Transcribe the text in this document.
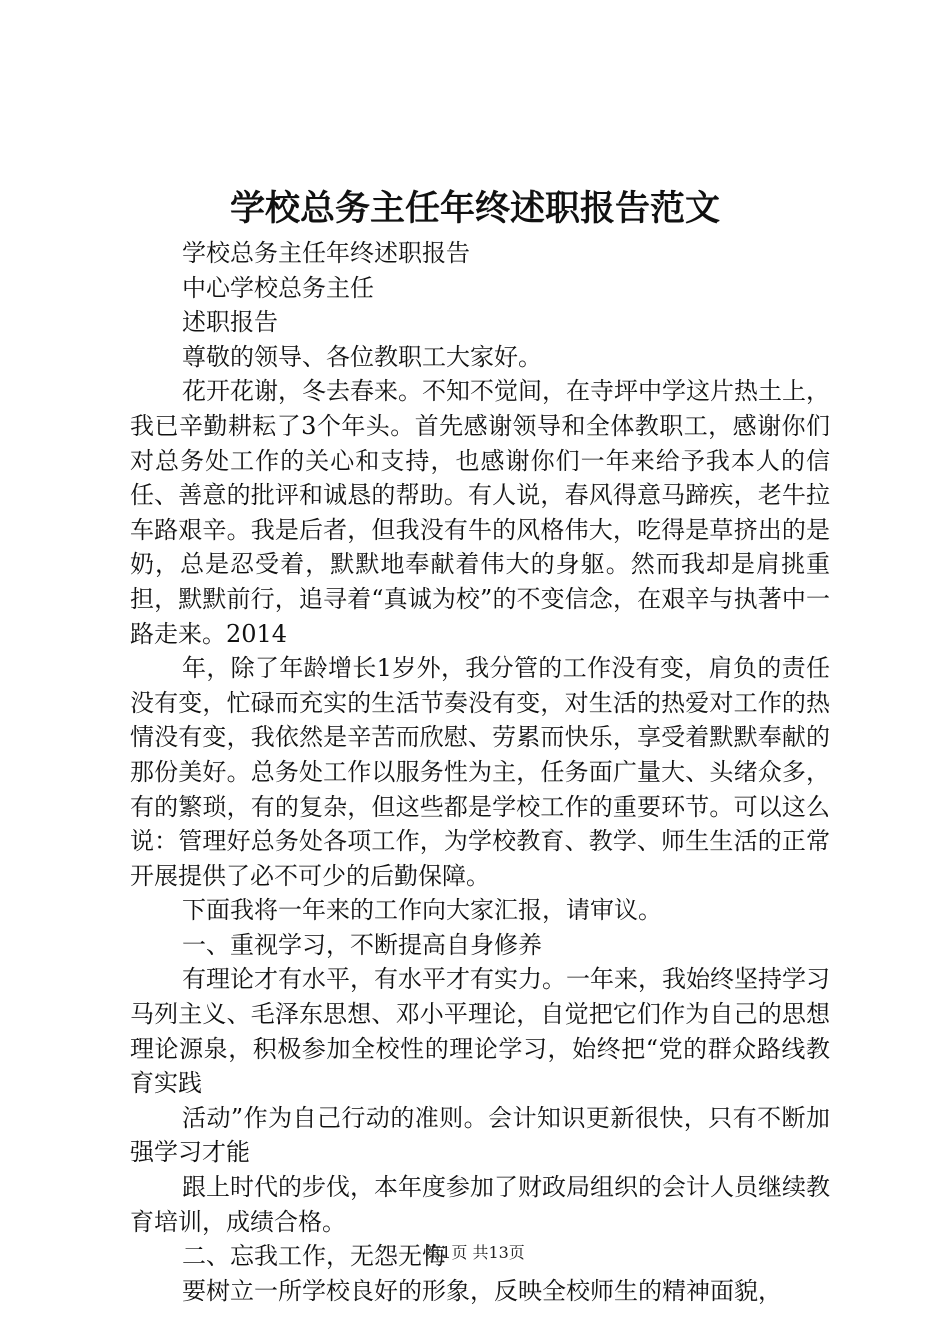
学校总务主任年终述职报告范文

学校总务主任年终述职报告

中心学校总务主任

述职报告

尊敬的领导、各位教职工大家好。

花开花谢，冬去春来。不知不觉间，在寺坪中学这片热土上，我已辛勤耕耘了3个年头。首先感谢领导和全体教职工，感谢你们对总务处工作的关心和支持，也感谢你们一年来给予我本人的信任、善意的批评和诚恳的帮助。有人说，春风得意马蹄疾，老牛拉车路艰辛。我是后者，但我没有牛的风格伟大，吃得是草挤出的是奶，总是忍受着，默默地奉献着伟大的身躯。然而我却是肩挑重担，默默前行，追寻着“真诚为校”的不变信念，在艰辛与执著中一路走来。2014

年，除了年龄增长1岁外，我分管的工作没有变，肩负的责任没有变，忙碌而充实的生活节奏没有变，对生活的热爱对工作的热情没有变，我依然是辛苦而欣慰、劳累而快乐，享受着默默奉献的那份美好。总务处工作以服务性为主，任务面广量大、头绪众多，有的繁琐，有的复杂，但这些都是学校工作的重要环节。可以这么说：管理好总务处各项工作，为学校教育、教学、师生生活的正常开展提供了必不可少的后勤保障。

下面我将一年来的工作向大家汇报，请审议。

一、重视学习，不断提高自身修养

有理论才有水平，有水平才有实力。一年来，我始终坚持学习马列主义、毛泽东思想、邓小平理论，自觉把它们作为自己的思想理论源泉，积极参加全校性的理论学习，始终把“党的群众路线教育实践

活动”作为自己行动的准则。会计知识更新很快，只有不断加强学习才能

跟上时代的步伐，本年度参加了财政局组织的会计人员继续教育培训，成绩合格。

二、忘我工作，无怨无悔

要树立一所学校良好的形象，反映全校师生的精神面貌，

第1页 共13页
